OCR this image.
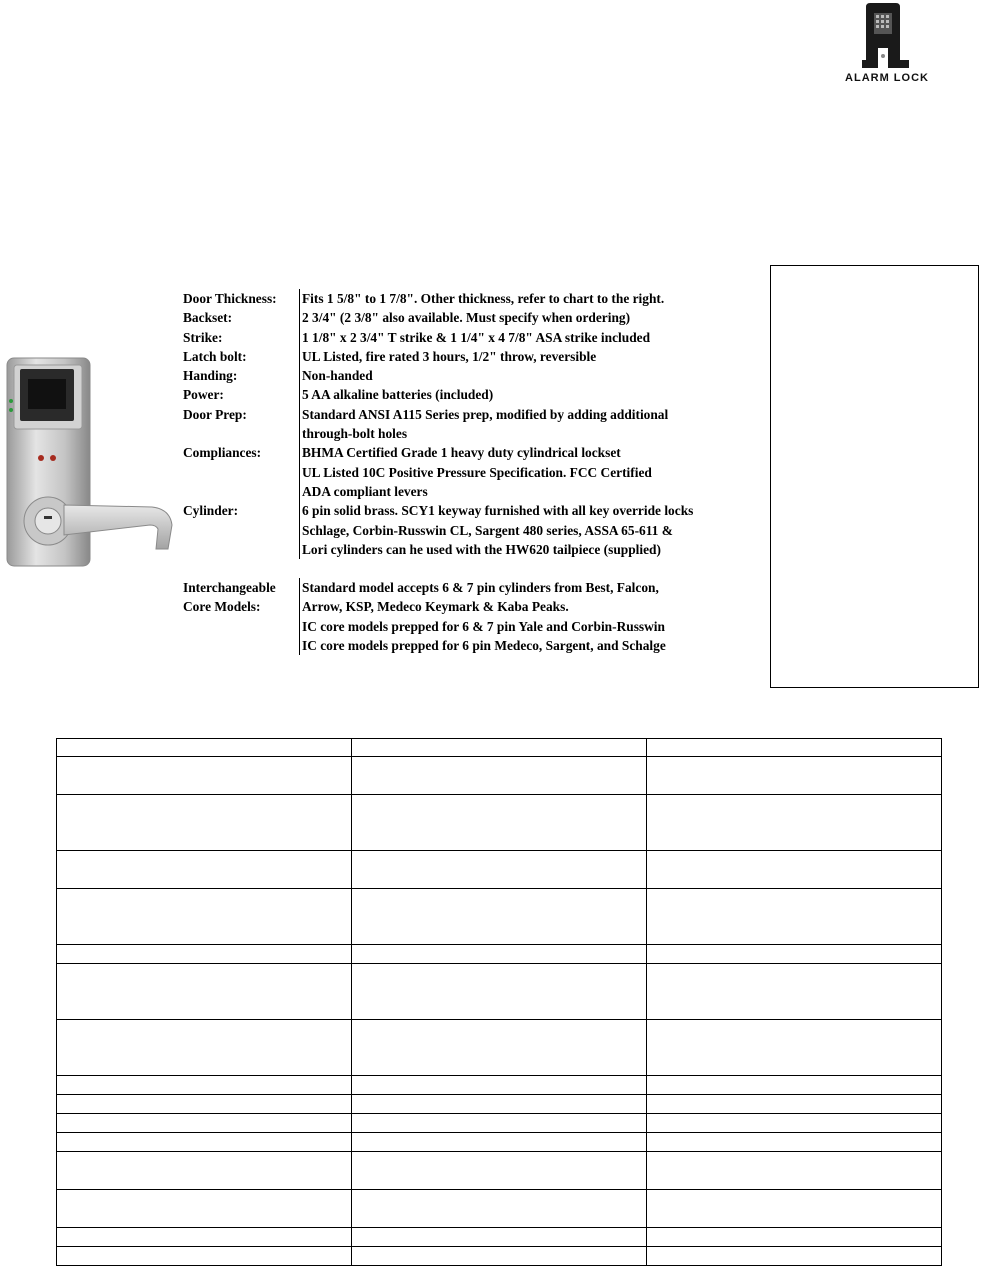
ALARM LOCK
Door Thickness:	Fits 1 5/8" to 1 7/8". Other thickness, refer to chart to the right.
Backset:	2 3/4" (2 3/8" also available. Must specify when ordering)
Strike:	1 1/8" x 2 3/4" T strike & 1 1/4" x 4 7/8" ASA strike included
Latch bolt:	UL Listed, fire rated 3 hours, 1/2" throw, reversible
Handing:	Non-handed
Power:	5 AA alkaline batteries (included)
Door Prep:	Standard ANSI A115 Series prep, modified by adding additional
through-bolt holes
Compliances:	BHMA Certified Grade 1 heavy duty cylindrical lockset
UL Listed 10C Positive Pressure Specification. FCC Certified
ADA compliant levers
Cylinder:	6 pin solid brass. SCY1 keyway furnished with all key override locks
Schlage, Corbin-Russwin CL, Sargent 480 series, ASSA 65-611 &
Lori cylinders can he used with the HW620 tailpiece (supplied)
Interchangeable	Standard model accepts 6 & 7 pin cylinders from Best, Falcon,
Core Models:	Arrow, KSP, Medeco Keymark & Kaba Peaks.
IC core models prepped for 6 & 7 pin Yale and Corbin-Russwin
IC core models prepped for 6 pin Medeco, Sargent, and Schalge
